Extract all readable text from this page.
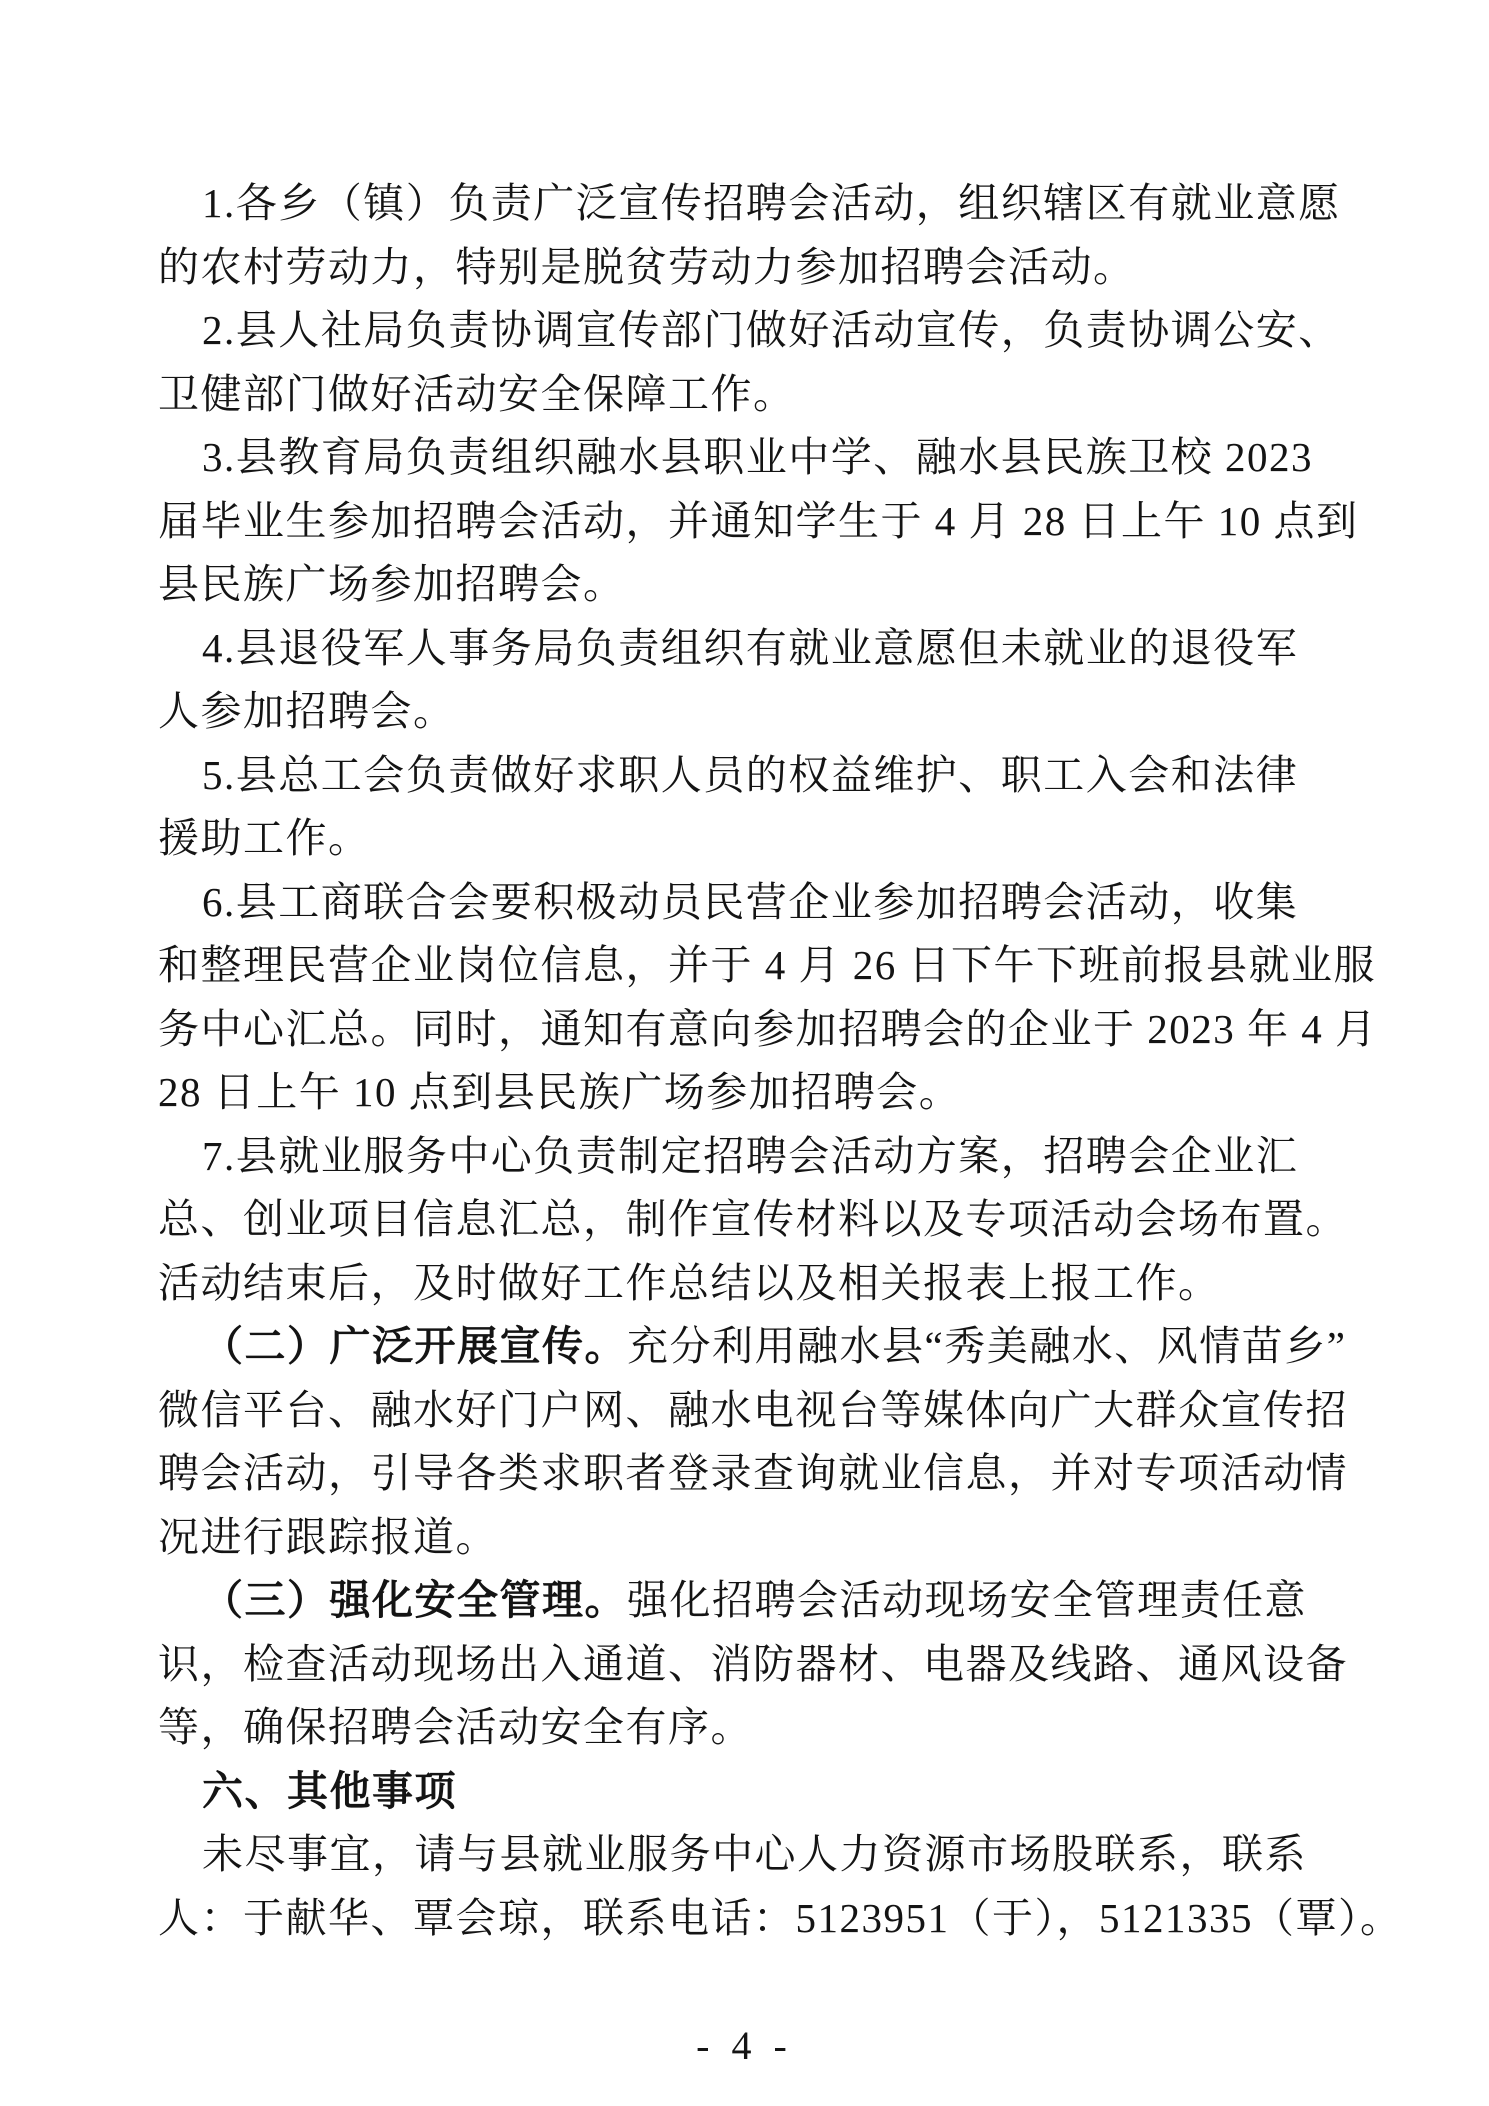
1.各乡（镇）负责广泛宣传招聘会活动，组织辖区有就业意愿
的农村劳动力，特别是脱贫劳动力参加招聘会活动。
2.县人社局负责协调宣传部门做好活动宣传，负责协调公安、
卫健部门做好活动安全保障工作。
3.县教育局负责组织融水县职业中学、融水县民族卫校 2023
届毕业生参加招聘会活动，并通知学生于 4 月 28 日上午 10 点到
县民族广场参加招聘会。
4.县退役军人事务局负责组织有就业意愿但未就业的退役军
人参加招聘会。
5.县总工会负责做好求职人员的权益维护、职工入会和法律
援助工作。
6.县工商联合会要积极动员民营企业参加招聘会活动，收集
和整理民营企业岗位信息，并于 4 月 26 日下午下班前报县就业服
务中心汇总。同时，通知有意向参加招聘会的企业于 2023 年 4 月
28 日上午 10 点到县民族广场参加招聘会。
7.县就业服务中心负责制定招聘会活动方案，招聘会企业汇
总、创业项目信息汇总，制作宣传材料以及专项活动会场布置。
活动结束后，及时做好工作总结以及相关报表上报工作。
（二）广泛开展宣传。充分利用融水县“秀美融水、风情苗乡”
微信平台、融水好门户网、融水电视台等媒体向广大群众宣传招
聘会活动，引导各类求职者登录查询就业信息，并对专项活动情
况进行跟踪报道。
（三）强化安全管理。强化招聘会活动现场安全管理责任意
识，检查活动现场出入通道、消防器材、电器及线路、通风设备
等，确保招聘会活动安全有序。
六、其他事项
未尽事宜，请与县就业服务中心人力资源市场股联系，联系
人：于献华、覃会琼，联系电话：5123951（于），5121335（覃）。
- 4 -
